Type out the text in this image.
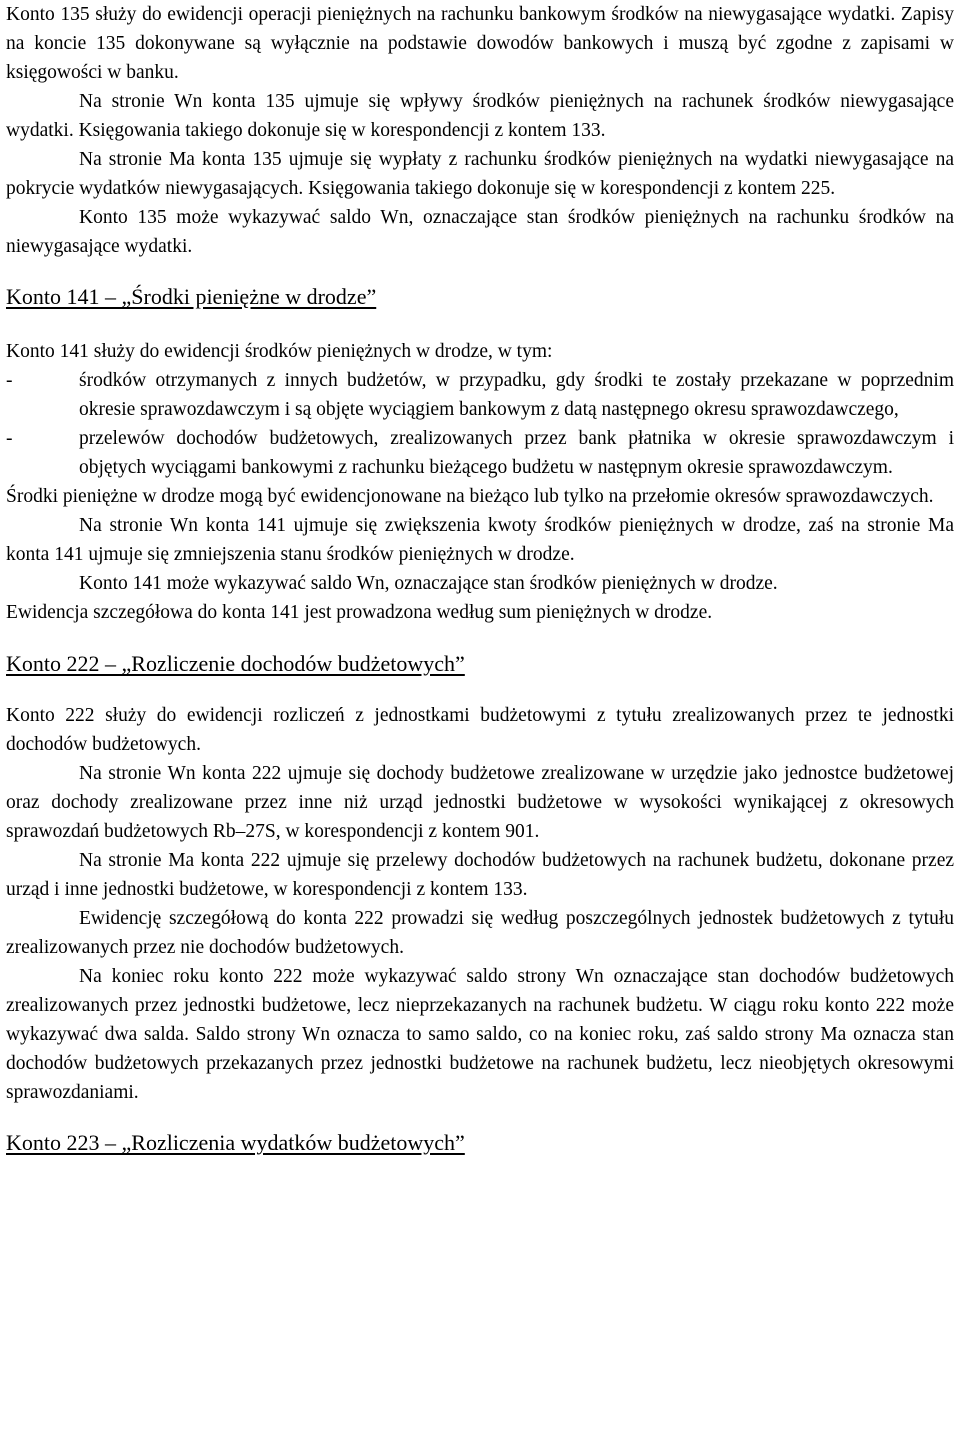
Konto 135 służy do ewidencji operacji pieniężnych na rachunku bankowym środków na niewygasające wydatki. Zapisy na koncie 135 dokonywane są wyłącznie na podstawie dowodów bankowych i muszą być zgodne z zapisami w księgowości w banku.

Na stronie Wn konta 135 ujmuje się wpływy środków pieniężnych na rachunek środków niewygasające wydatki. Księgowania takiego dokonuje się w korespondencji z kontem 133.

Na stronie Ma konta 135 ujmuje się wypłaty z rachunku środków pieniężnych na wydatki niewygasające na pokrycie wydatków niewygasających. Księgowania takiego dokonuje się w korespondencji z kontem 225.

Konto 135 może wykazywać saldo Wn, oznaczające stan środków pieniężnych na rachunku środków na niewygasające wydatki.

Konto 141 – „Środki pieniężne w drodze”

Konto 141 służy do ewidencji środków pieniężnych w drodze, w tym:

-	środków otrzymanych z innych budżetów, w przypadku, gdy środki te zostały przekazane w poprzednim okresie sprawozdawczym i są objęte wyciągiem bankowym z datą następnego okresu sprawozdawczego,
-	przelewów dochodów budżetowych, zrealizowanych przez bank płatnika w okresie sprawozdawczym i objętych wyciągami bankowymi z rachunku bieżącego budżetu w następnym okresie sprawozdawczym.

Środki pieniężne w drodze mogą być ewidencjonowane na bieżąco lub tylko na przełomie okresów sprawozdawczych.

Na stronie Wn konta 141 ujmuje się zwiększenia kwoty środków pieniężnych w drodze, zaś na stronie Ma konta 141 ujmuje się zmniejszenia stanu środków pieniężnych w drodze.

Konto 141 może wykazywać saldo Wn, oznaczające stan środków pieniężnych w drodze.

Ewidencja szczegółowa do konta 141 jest prowadzona według sum pieniężnych w drodze.

Konto 222 – „Rozliczenie dochodów budżetowych”

Konto 222 służy do ewidencji rozliczeń z jednostkami budżetowymi z tytułu zrealizowanych przez te jednostki dochodów budżetowych.

Na stronie Wn konta 222 ujmuje się dochody budżetowe zrealizowane w urzędzie jako jednostce budżetowej oraz dochody zrealizowane przez inne niż urząd jednostki budżetowe w wysokości wynikającej z okresowych sprawozdań budżetowych Rb–27S, w korespondencji z kontem 901.

Na stronie Ma konta 222 ujmuje się przelewy dochodów budżetowych na rachunek budżetu, dokonane przez urząd i inne jednostki budżetowe, w korespondencji z kontem 133.

Ewidencję szczegółową do konta 222 prowadzi się według poszczególnych jednostek budżetowych z tytułu zrealizowanych przez nie dochodów budżetowych.

Na koniec roku konto 222 może wykazywać saldo strony Wn oznaczające stan dochodów budżetowych zrealizowanych przez jednostki budżetowe, lecz nieprzekazanych na rachunek budżetu. W ciągu roku konto 222 może wykazywać dwa salda. Saldo strony Wn oznacza to samo saldo, co na koniec roku, zaś saldo strony Ma oznacza stan dochodów budżetowych przekazanych przez jednostki budżetowe na rachunek budżetu, lecz nieobjętych okresowymi sprawozdaniami.

Konto 223 – „Rozliczenia wydatków budżetowych”
